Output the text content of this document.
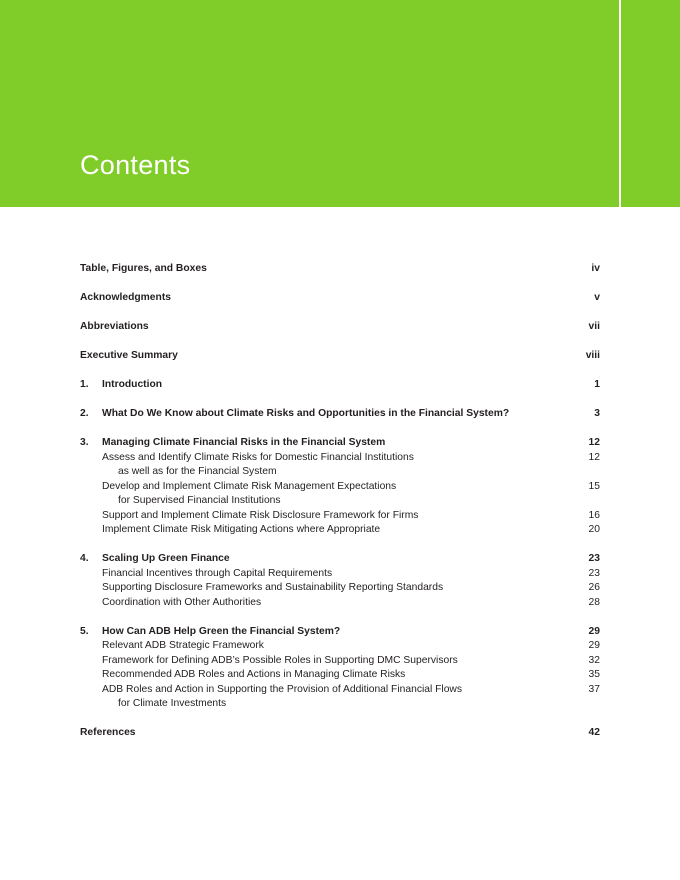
Contents
Table, Figures, and Boxes	iv
Acknowledgments	v
Abbreviations	vii
Executive Summary	viii
1.	Introduction	1
2.	What Do We Know about Climate Risks and Opportunities in the Financial System?	3
3.	Managing Climate Financial Risks in the Financial System	12
Assess and Identify Climate Risks for Domestic Financial Institutions	12
as well as for the Financial System
Develop and Implement Climate Risk Management Expectations	15
for Supervised Financial Institutions
Support and Implement Climate Risk Disclosure Framework for Firms	16
Implement Climate Risk Mitigating Actions where Appropriate	20
4.	Scaling Up Green Finance	23
Financial Incentives through Capital Requirements	23
Supporting Disclosure Frameworks and Sustainability Reporting Standards	26
Coordination with Other Authorities	28
5.	How Can ADB Help Green the Financial System?	29
Relevant ADB Strategic Framework	29
Framework for Defining ADB’s Possible Roles in Supporting DMC Supervisors	32
Recommended ADB Roles and Actions in Managing Climate Risks	35
ADB Roles and Action in Supporting the Provision of Additional Financial Flows	37
for Climate Investments
References	42
